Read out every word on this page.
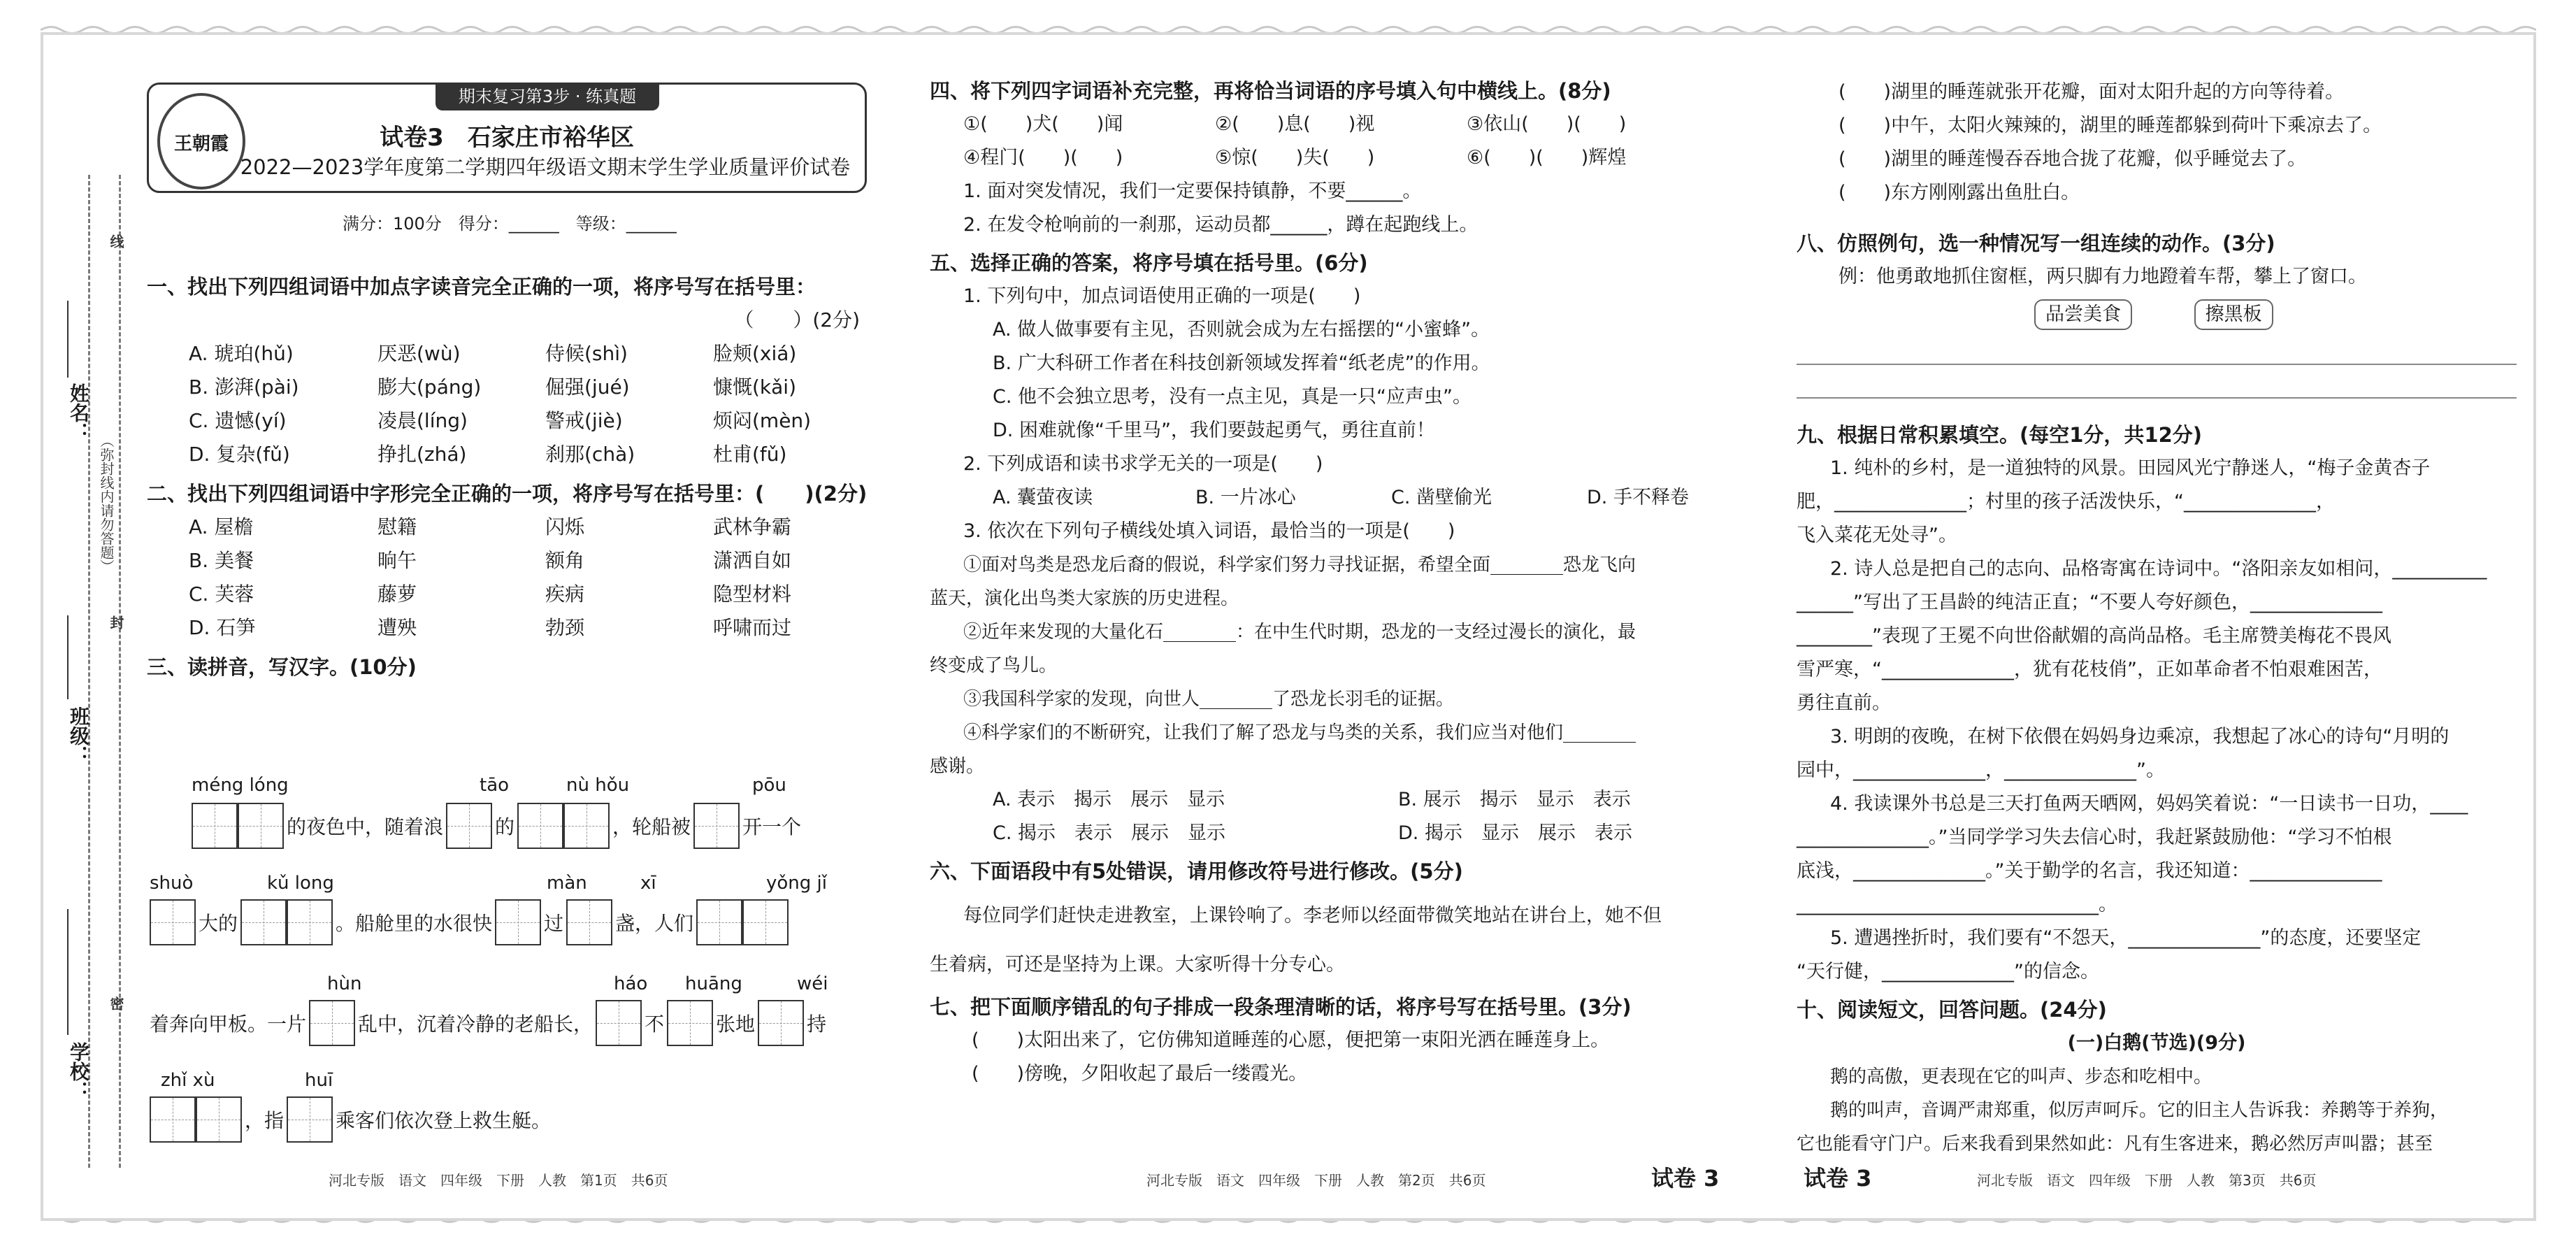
姓名：
班级：
学校：
（弥封线内请勿答题）
线
封
密
期末复习第3步 · 练真题
王朝霞	试卷3　石家庄市裕华区
2022—2023学年度第二学期四年级语文期末学生学业质量评价试卷
满分：100分　得分：______　等级：______
一、找出下列四组词语中加点字读音完全正确的一项，将序号写在括号里：
（　　）(2分)
A. 琥珀(hǔ)	厌恶(wù)	侍候(shì)	脸颊(xiá)
B. 澎湃(pài)	膨大(páng)	倔强(jué)	慷慨(kǎi)
C. 遗憾(yí)	凌晨(líng)	警戒(jiè)	烦闷(mèn)
D. 复杂(fǔ)	挣扎(zhá)	刹那(chà)	杜甫(fǔ)
二、找出下列四组词语中字形完全正确的一项，将序号写在括号里：(　　)(2分)
A. 屋檐	慰籍	闪烁	武林争霸
B. 美餐	晌午	额角	潇洒自如
C. 芙蓉	藤萝	疾病	隐型材料
D. 石笋	遭殃	勃颈	呼啸而过
三、读拼音，写汉字。(10分)
méng lóng	tāo	nù hǒu	pōu
的夜色中，随着浪	的	，轮船被	开一个
shuò	kǔ long	màn	xī	yǒng jǐ
大的	。船舱里的水很快	过	盏，人们
hùn	háo huāng	wéi
着奔向甲板。一片	乱中，沉着冷静的老船长，	不	张地	持
zhǐ xù	huī
，指	乘客们依次登上救生艇。
河北专版　语文　四年级　下册　人教　第1页　共6页
四、将下列四字词语补充完整，再将恰当词语的序号填入句中横线上。(8分)
①(　　)犬(　　)闻	②(　　)息(　　)视	③依山(　　)(　　)
④程门(　　)(　　)	⑤惊(　　)失(　　)	⑥(　　)(　　)辉煌
1. 面对突发情况，我们一定要保持镇静，不要______。
2. 在发令枪响前的一刹那，运动员都______，蹲在起跑线上。
五、选择正确的答案，将序号填在括号里。(6分)
1. 下列句中，加点词语使用正确的一项是(　　)
A. 做人做事要有主见，否则就会成为左右摇摆的“小蜜蜂”。
B. 广大科研工作者在科技创新领域发挥着“纸老虎”的作用。
C. 他不会独立思考，没有一点主见，真是一只“应声虫”。
D. 困难就像“千里马”，我们要鼓起勇气，勇往直前！
2. 下列成语和读书求学无关的一项是(　　)
A. 囊萤夜读	B. 一片冰心	C. 凿壁偷光	D. 手不释卷
3. 依次在下列句子横线处填入词语，最恰当的一项是(　　)
①面对鸟类是恐龙后裔的假说，科学家们努力寻找证据，希望全面________恐龙飞向
蓝天，演化出鸟类大家族的历史进程。
②近年来发现的大量化石________：在中生代时期，恐龙的一支经过漫长的演化，最
终变成了鸟儿。
③我国科学家的发现，向世人________了恐龙长羽毛的证据。
④科学家们的不断研究，让我们了解了恐龙与鸟类的关系，我们应当对他们________
感谢。
A. 表示　揭示　展示　显示	B. 展示　揭示　显示　表示
C. 揭示　表示　展示　显示	D. 揭示　显示　展示　表示
六、下面语段中有5处错误，请用修改符号进行修改。(5分)
每位同学们赶快走进教室，上课铃响了。李老师以经面带微笑地站在讲台上，她不但
生着病，可还是坚持为上课。大家听得十分专心。
七、把下面顺序错乱的句子排成一段条理清晰的话，将序号写在括号里。(3分)
(　　)太阳出来了，它仿佛知道睡莲的心愿，便把第一束阳光洒在睡莲身上。
(　　)傍晚，夕阳收起了最后一缕霞光。
河北专版　语文　四年级　下册　人教　第2页　共6页	试卷 3
(　　)湖里的睡莲就张开花瓣，面对太阳升起的方向等待着。
(　　)中午，太阳火辣辣的，湖里的睡莲都躲到荷叶下乘凉去了。
(　　)湖里的睡莲慢吞吞地合拢了花瓣，似乎睡觉去了。
(　　)东方刚刚露出鱼肚白。
八、仿照例句，选一种情况写一组连续的动作。(3分)
例：他勇敢地抓住窗框，两只脚有力地蹬着车帮，攀上了窗口。
品尝美食	擦黑板
九、根据日常积累填空。(每空1分，共12分)
1. 纯朴的乡村，是一道独特的风景。田园风光宁静迷人，“梅子金黄杏子
肥，______________；村里的孩子活泼快乐，“______________，
飞入菜花无处寻”。
2. 诗人总是把自己的志向、品格寄寓在诗词中。“洛阳亲友如相问，__________
______”写出了王昌龄的纯洁正直；“不要人夸好颜色，______________
________”表现了王冕不向世俗献媚的高尚品格。毛主席赞美梅花不畏风
雪严寒，“______________，犹有花枝俏”，正如革命者不怕艰难困苦，
勇往直前。
3. 明朗的夜晚，在树下依偎在妈妈身边乘凉，我想起了冰心的诗句“月明的
园中，______________，______________”。
4. 我读课外书总是三天打鱼两天晒网，妈妈笑着说：“一日读书一日功，____
______________。”当同学学习失去信心时，我赶紧鼓励他：“学习不怕根
底浅，______________。”关于勤学的名言，我还知道：______________
________________________________。
5. 遭遇挫折时，我们要有“不怨天，______________”的态度，还要坚定
“天行健，______________”的信念。
十、阅读短文，回答问题。(24分)
(一)白鹅(节选)(9分)
鹅的高傲，更表现在它的叫声、步态和吃相中。
鹅的叫声，音调严肃郑重，似厉声呵斥。它的旧主人告诉我：养鹅等于养狗，
它也能看守门户。后来我看到果然如此：凡有生客进来，鹅必然厉声叫嚣；甚至
试卷 3	河北专版　语文　四年级　下册　人教　第3页　共6页
